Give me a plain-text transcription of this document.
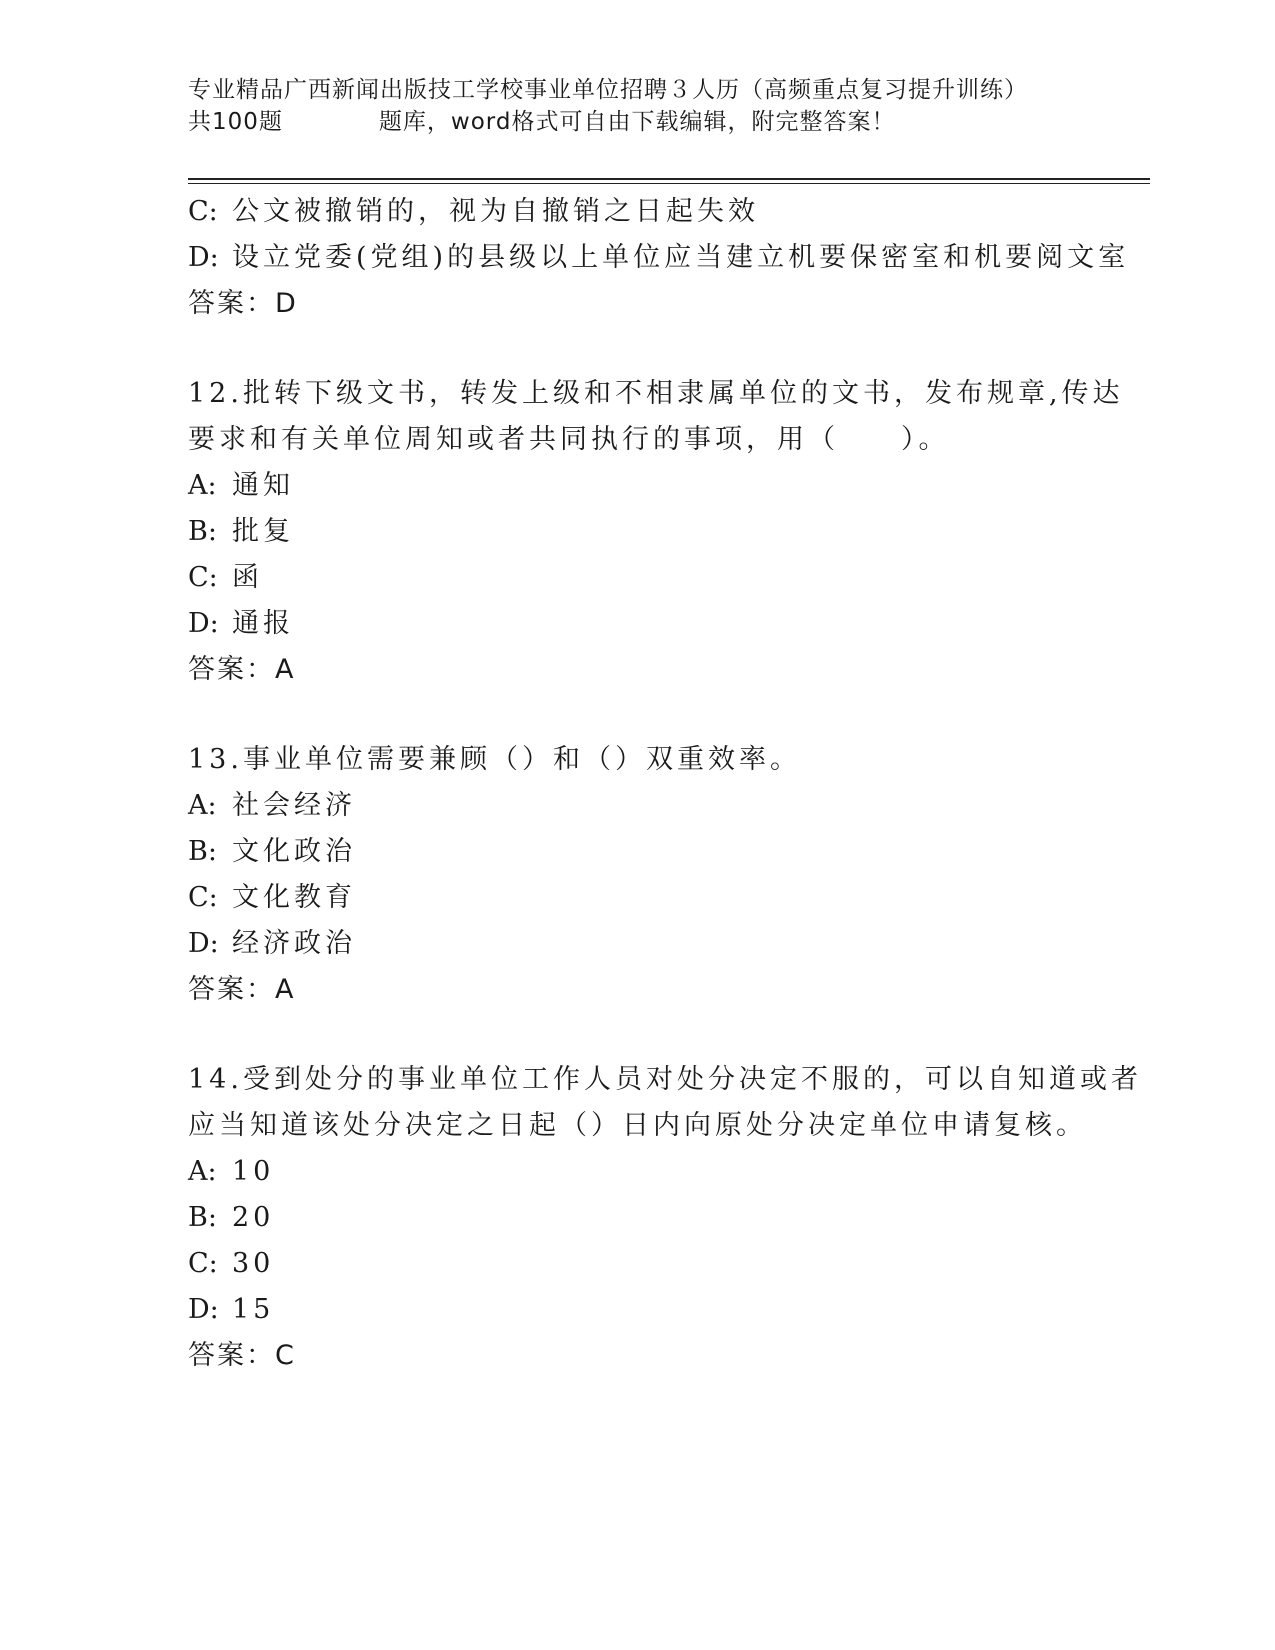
专业精品广西新闻出版技工学校事业单位招聘３人历（高频重点复习提升训练）
共100题	题库，word格式可自由下载编辑，附完整答案！
C: 公文被撤销的，视为自撤销之日起失效
D: 设立党委(党组)的县级以上单位应当建立机要保密室和机要阅文室
答案：D
12.批转下级文书，转发上级和不相隶属单位的文书，发布规章,传达
要求和有关单位周知或者共同执行的事项，用（　　）。
A: 通知
B: 批复
C: 函
D: 通报
答案：A
13.事业单位需要兼顾（）和（）双重效率。
A: 社会经济
B: 文化政治
C: 文化教育
D: 经济政治
答案：A
14.受到处分的事业单位工作人员对处分决定不服的，可以自知道或者
应当知道该处分决定之日起（）日内向原处分决定单位申请复核。
A: 10
B: 20
C: 30
D: 15
答案：C
